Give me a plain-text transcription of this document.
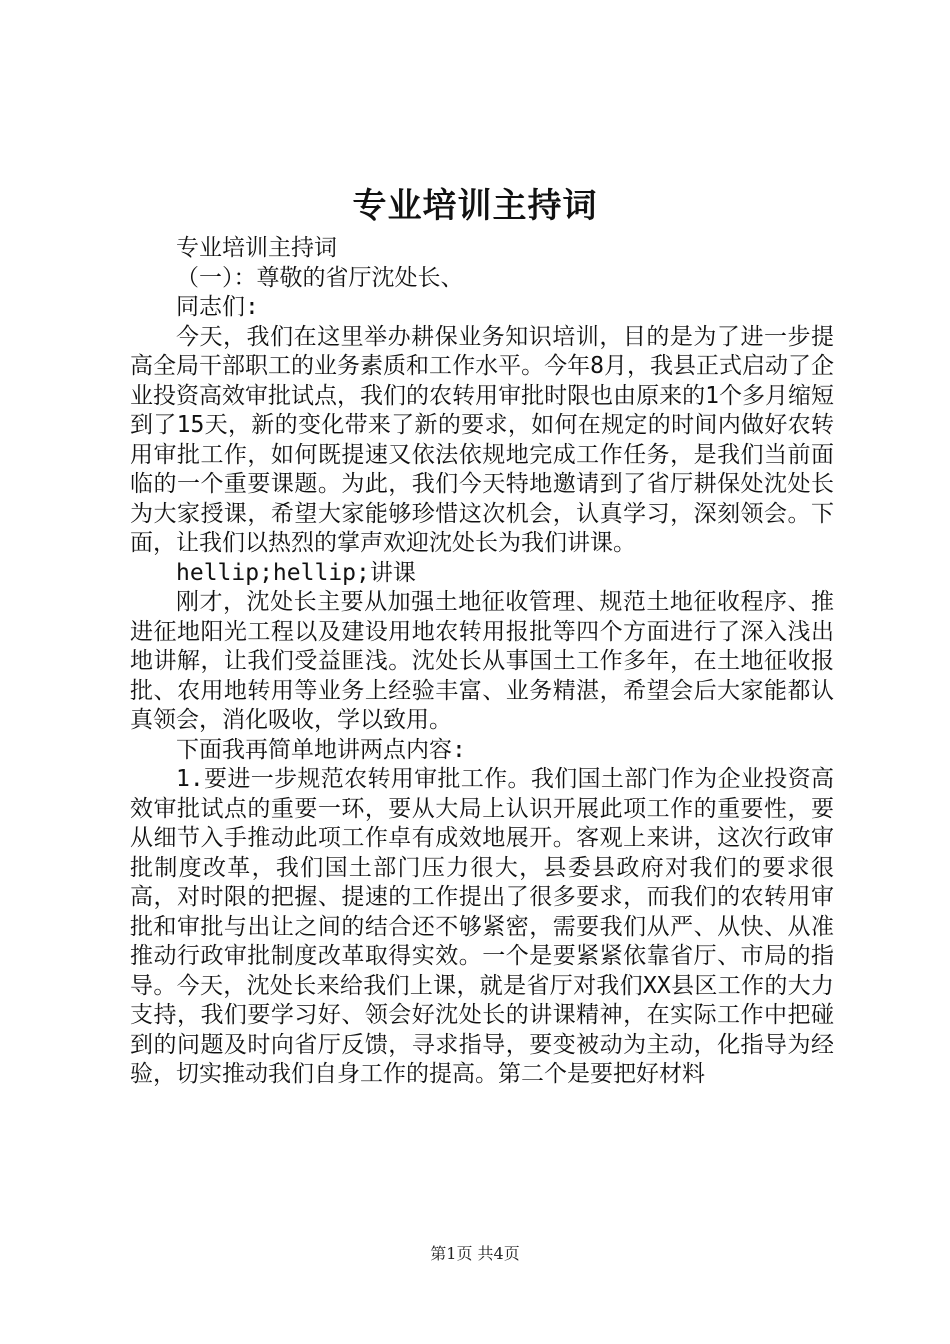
专业培训主持词

专业培训主持词

（一）：尊敬的省厅沈处长、

同志们:

今天，我们在这里举办耕保业务知识培训，目的是为了进一步提高全局干部职工的业务素质和工作水平。今年8月，我县正式启动了企业投资高效审批试点，我们的农转用审批时限也由原来的1个多月缩短到了15天，新的变化带来了新的要求，如何在规定的时间内做好农转用审批工作，如何既提速又依法依规地完成工作任务，是我们当前面临的一个重要课题。为此，我们今天特地邀请到了省厅耕保处沈处长为大家授课，希望大家能够珍惜这次机会，认真学习，深刻领会。下面，让我们以热烈的掌声欢迎沈处长为我们讲课。

hellip;hellip;讲课

刚才，沈处长主要从加强土地征收管理、规范土地征收程序、推进征地阳光工程以及建设用地农转用报批等四个方面进行了深入浅出地讲解，让我们受益匪浅。沈处长从事国土工作多年，在土地征收报批、农用地转用等业务上经验丰富、业务精湛，希望会后大家能都认真领会，消化吸收，学以致用。

下面我再简单地讲两点内容:

1.要进一步规范农转用审批工作。我们国土部门作为企业投资高效审批试点的重要一环，要从大局上认识开展此项工作的重要性，要从细节入手推动此项工作卓有成效地展开。客观上来讲，这次行政审批制度改革，我们国土部门压力很大，县委县政府对我们的要求很高，对时限的把握、提速的工作提出了很多要求，而我们的农转用审批和审批与出让之间的结合还不够紧密，需要我们从严、从快、从准推动行政审批制度改革取得实效。一个是要紧紧依靠省厅、市局的指导。今天，沈处长来给我们上课，就是省厅对我们XX县区工作的大力支持，我们要学习好、领会好沈处长的讲课精神，在实际工作中把碰到的问题及时向省厅反馈，寻求指导，要变被动为主动，化指导为经验，切实推动我们自身工作的提高。第二个是要把好材料

第1页 共4页
